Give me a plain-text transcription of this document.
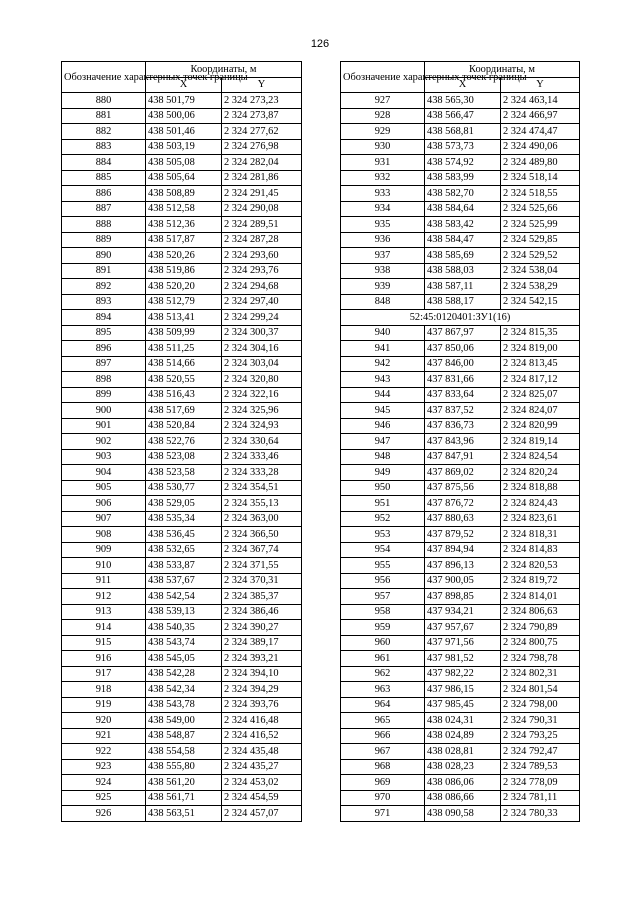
126
Обозначение характерных точек границы	Координаты, м	
	X	Y
880	438 501,79	2 324 273,23
881	438 500,06	2 324 273,87
882	438 501,46	2 324 277,62
883	438 503,19	2 324 276,98
884	438 505,08	2 324 282,04
885	438 505,64	2 324 281,86
886	438 508,89	2 324 291,45
887	438 512,58	2 324 290,08
888	438 512,36	2 324 289,51
889	438 517,87	2 324 287,28
890	438 520,26	2 324 293,60
891	438 519,86	2 324 293,76
892	438 520,20	2 324 294,68
893	438 512,79	2 324 297,40
894	438 513,41	2 324 299,24
895	438 509,99	2 324 300,37
896	438 511,25	2 324 304,16
897	438 514,66	2 324 303,04
898	438 520,55	2 324 320,80
899	438 516,43	2 324 322,16
900	438 517,69	2 324 325,96
901	438 520,84	2 324 324,93
902	438 522,76	2 324 330,64
903	438 523,08	2 324 333,46
904	438 523,58	2 324 333,28
905	438 530,77	2 324 354,51
906	438 529,05	2 324 355,13
907	438 535,34	2 324 363,00
908	438 536,45	2 324 366,50
909	438 532,65	2 324 367,74
910	438 533,87	2 324 371,55
911	438 537,67	2 324 370,31
912	438 542,54	2 324 385,37
913	438 539,13	2 324 386,46
914	438 540,35	2 324 390,27
915	438 543,74	2 324 389,17
916	438 545,05	2 324 393,21
917	438 542,28	2 324 394,10
918	438 542,34	2 324 394,29
919	438 543,78	2 324 393,76
920	438 549,00	2 324 416,48
921	438 548,87	2 324 416,52
922	438 554,58	2 324 435,48
923	438 555,80	2 324 435,27
924	438 561,20	2 324 453,02
925	438 561,71	2 324 454,59
926	438 563,51	2 324 457,07
Обозначение характерных точек границы	Координаты, м	
	X	Y
927	438 565,30	2 324 463,14
928	438 566,47	2 324 466,97
929	438 568,81	2 324 474,47
930	438 573,73	2 324 490,06
931	438 574,92	2 324 489,80
932	438 583,99	2 324 518,14
933	438 582,70	2 324 518,55
934	438 584,64	2 324 525,66
935	438 583,42	2 324 525,99
936	438 584,47	2 324 529,85
937	438 585,69	2 324 529,52
938	438 588,03	2 324 538,04
939	438 587,11	2 324 538,29
848	438 588,17	2 324 542,15
52:45:0120401:ЗУ1(16)		
940	437 867,97	2 324 815,35
941	437 850,06	2 324 819,00
942	437 846,00	2 324 813,45
943	437 831,66	2 324 817,12
944	437 833,64	2 324 825,07
945	437 837,52	2 324 824,07
946	437 836,73	2 324 820,99
947	437 843,96	2 324 819,14
948	437 847,91	2 324 824,54
949	437 869,02	2 324 820,24
950	437 875,56	2 324 818,88
951	437 876,72	2 324 824,43
952	437 880,63	2 324 823,61
953	437 879,52	2 324 818,31
954	437 894,94	2 324 814,83
955	437 896,13	2 324 820,53
956	437 900,05	2 324 819,72
957	437 898,85	2 324 814,01
958	437 934,21	2 324 806,63
959	437 957,67	2 324 790,89
960	437 971,56	2 324 800,75
961	437 981,52	2 324 798,78
962	437 982,22	2 324 802,31
963	437 986,15	2 324 801,54
964	437 985,45	2 324 798,00
965	438 024,31	2 324 790,31
966	438 024,89	2 324 793,25
967	438 028,81	2 324 792,47
968	438 028,23	2 324 789,53
969	438 086,06	2 324 778,09
970	438 086,66	2 324 781,11
971	438 090,58	2 324 780,33
